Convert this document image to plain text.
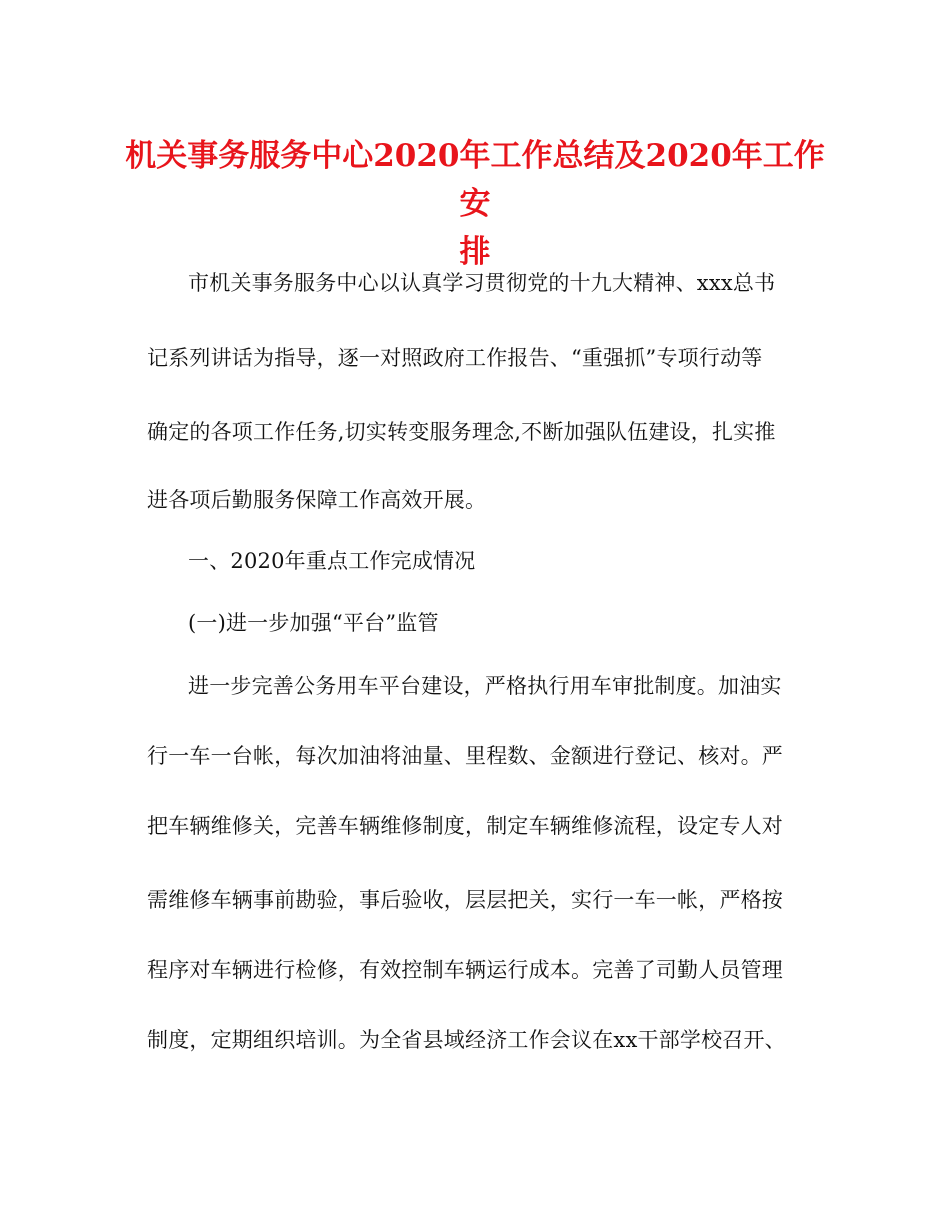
机关事务服务中心2020年工作总结及2020年工作安
排

市机关事务服务中心以认真学习贯彻党的十九大精神、xxx总书

记系列讲话为指导，逐一对照政府工作报告、“重强抓”专项行动等

确定的各项工作任务,切实转变服务理念,不断加强队伍建设，扎实推

进各项后勤服务保障工作高效开展。

一、2020年重点工作完成情况

(一)进一步加强“平台”监管

进一步完善公务用车平台建设，严格执行用车审批制度。加油实

行一车一台帐，每次加油将油量、里程数、金额进行登记、核对。严

把车辆维修关，完善车辆维修制度，制定车辆维修流程，设定专人对

需维修车辆事前勘验，事后验收，层层把关，实行一车一帐，严格按

程序对车辆进行检修，有效控制车辆运行成本。完善了司勤人员管理

制度，定期组织培训。为全省县域经济工作会议在xx干部学校召开、
